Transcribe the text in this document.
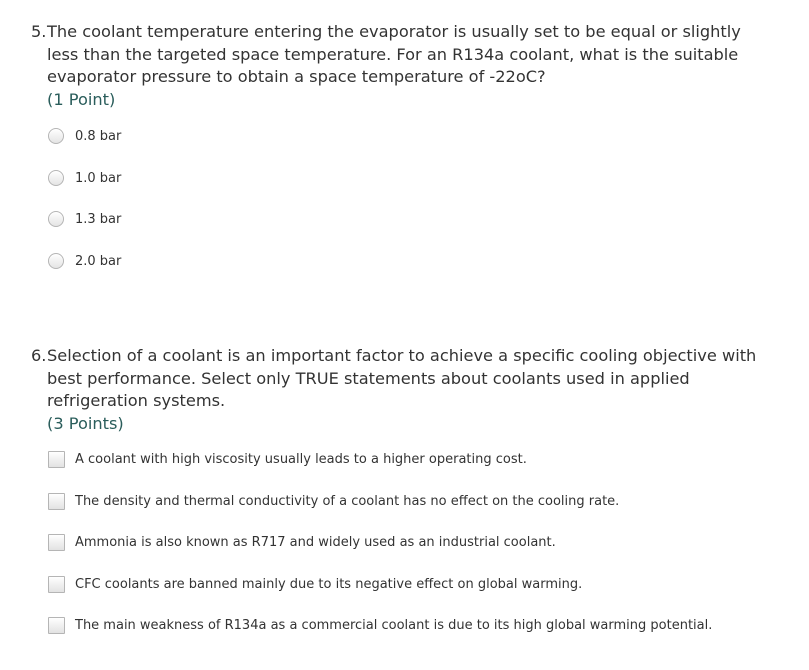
5. The coolant temperature entering the evaporator is usually set to be equal or slightly less than the targeted space temperature. For an R134a coolant, what is the suitable evaporator pressure to obtain a space temperature of -22oC?
(1 Point)
0.8 bar
1.0 bar
1.3 bar
2.0 bar
6. Selection of a coolant is an important factor to achieve a specific cooling objective with best performance. Select only TRUE statements about coolants used in applied refrigeration systems.
(3 Points)
A coolant with high viscosity usually leads to a higher operating cost.
The density and thermal conductivity of a coolant has no effect on the cooling rate.
Ammonia is also known as R717 and widely used as an industrial coolant.
CFC coolants are banned mainly due to its negative effect on global warming.
The main weakness of R134a as a commercial coolant is due to its high global warming potential.
